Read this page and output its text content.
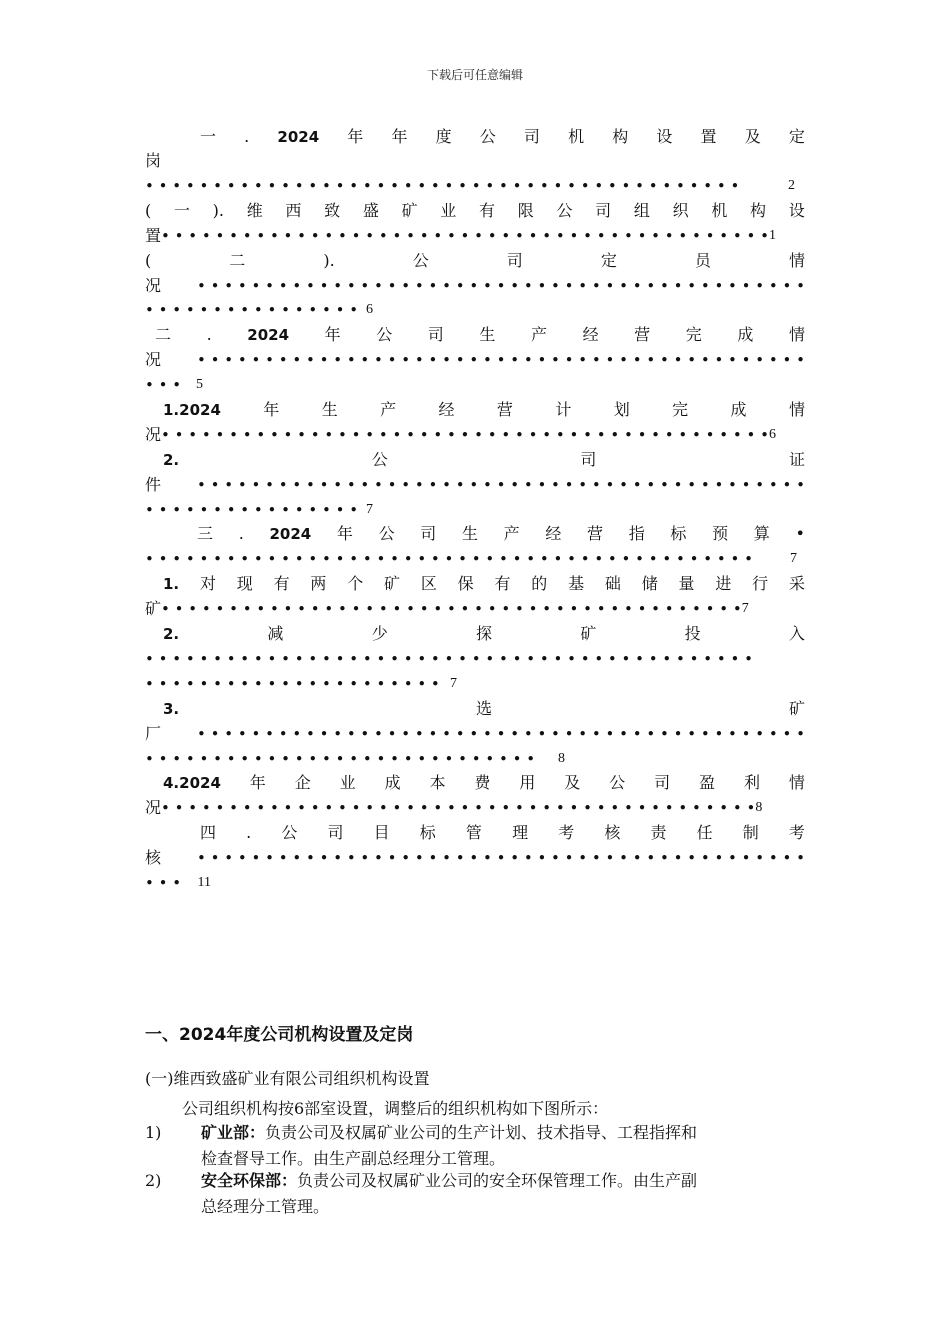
下载后可任意编辑
一 . 2024 年 年 度 公 司 机 构 设 置 及 定
岗
• • • • • • • • • • • • • • • • • • • • • • • • • • • • • • • • • • • • • • • • • • • •	2
( 一 ). 维 西 致 盛 矿 业 有 限 公 司 组 织 机 构 设
置 • • • • • • • • • • • • • • • • • • • • • • • • • • • • • • • • • • • • • • • • • • • • • 1
(	二	).	公	司	定	员	情
况 • • • • • • • • • • • • • • • • • • • • • • • • • • • • • • • • • • • • • • • • • • • • •
• • • • • • • • • • • • • • • • 6
二 . 2024 年 公 司 生 产 经 营 完 成 情
况 • • • • • • • • • • • • • • • • • • • • • • • • • • • • • • • • • • • • • • • • • • • • •
• • • 5
1.2024	年	生	产	经	营	计	划	完	成	情
况 • • • • • • • • • • • • • • • • • • • • • • • • • • • • • • • • • • • • • • • • • • • • • 6
2.	公	司	证
件 • • • • • • • • • • • • • • • • • • • • • • • • • • • • • • • • • • • • • • • • • • • • •
• • • • • • • • • • • • • • • • 7
三 . 2024 年 公 司 生 产 经 营 指 标 预 算 •
• • • • • • • • • • • • • • • • • • • • • • • • • • • • • • • • • • • • • • • • • • • • •	7
1. 对 现 有 两 个 矿 区 保 有 的 基 础 储 量 进 行 采
矿 • • • • • • • • • • • • • • • • • • • • • • • • • • • • • • • • • • • • • • • • • • • 7
2.	减	少	探	矿	投	入
• • • • • • • • • • • • • • • • • • • • • • • • • • • • • • • • • • • • • • • • • • • • •
• • • • • • • • • • • • • • • • • • • • • • 7
3.	选	矿
厂 • • • • • • • • • • • • • • • • • • • • • • • • • • • • • • • • • • • • • • • • • • • • •
• • • • • • • • • • • • • • • • • • • • • • • • • • • • • 8
4.2024 年 企 业 成 本 费 用 及 公 司 盈 利 情
况 • • • • • • • • • • • • • • • • • • • • • • • • • • • • • • • • • • • • • • • • • • • • 8
四 . 公 司 目 标 管 理 考 核 责 任 制 考
核 • • • • • • • • • • • • • • • • • • • • • • • • • • • • • • • • • • • • • • • • • • • • •
• • • 11
一、2024年度公司机构设置及定岗
(一)维西致盛矿业有限公司组织机构设置
公司组织机构按6部室设置，调整后的组织机构如下图所示：
1) 矿业部：负责公司及权属矿业公司的生产计划、技术指导、工程指挥和
检查督导工作。由生产副总经理分工管理。
2) 安全环保部：负责公司及权属矿业公司的安全环保管理工作。由生产副
总经理分工管理。
